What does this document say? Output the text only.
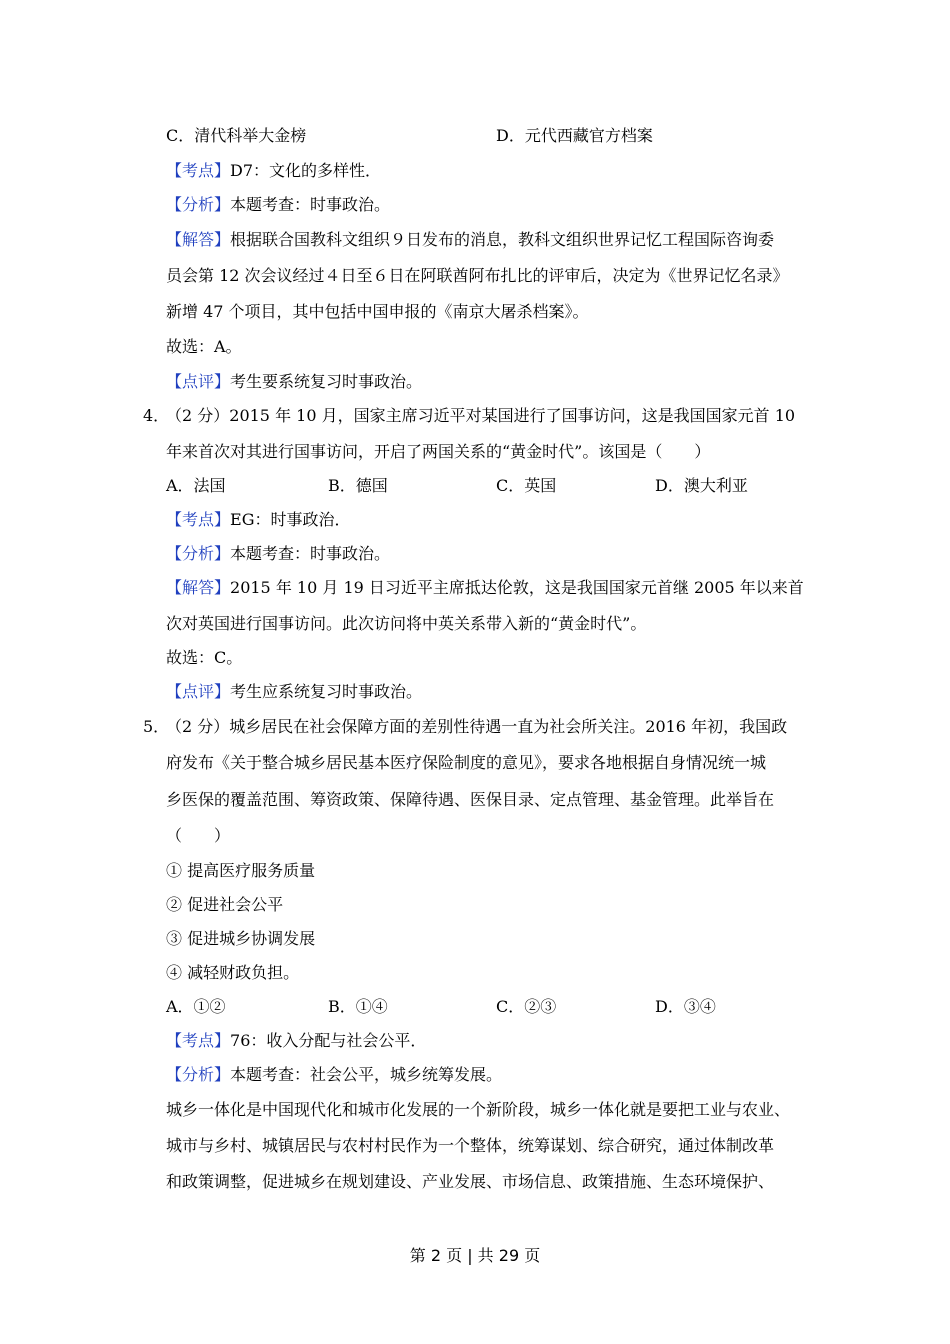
C．清代科举大金榜	D．元代西藏官方档案
【考点】D7：文化的多样性．
【分析】本题考查：时事政治。
【解答】根据联合国教科文组织９日发布的消息，教科文组织世界记忆工程国际咨询委
员会第 12 次会议经过４日至６日在阿联酋阿布扎比的评审后，决定为《世界记忆名录》
新增 47 个项目，其中包括中国申报的《南京大屠杀档案》。
故选：A。
【点评】考生要系统复习时事政治。
4．
（2 分）2015 年 10 月，国家主席习近平对某国进行了国事访问，这是我国国家元首 10
年来首次对其进行国事访问，开启了两国关系的“黄金时代”。该国是（　　）
A．法国	B．德国	C．英国	D．澳大利亚
【考点】EG：时事政治．
【分析】本题考查：时事政治。
【解答】2015 年 10 月 19 日习近平主席抵达伦敦，这是我国国家元首继 2005 年以来首
次对英国进行国事访问。此次访问将中英关系带入新的“黄金时代”。
故选：C。
【点评】考生应系统复习时事政治。
5．
（2 分）城乡居民在社会保障方面的差别性待遇一直为社会所关注。2016 年初，我国政
府发布《关于整合城乡居民基本医疗保险制度的意见》，要求各地根据自身情况统一城
乡医保的覆盖范围、筹资政策、保障待遇、医保目录、定点管理、基金管理。此举旨在
（　　）
① 提高医疗服务质量
② 促进社会公平
③ 促进城乡协调发展
④ 减轻财政负担。
A．①②	B．①④	C．②③	D．③④
【考点】76：收入分配与社会公平．
【分析】本题考查：社会公平，城乡统筹发展。
城乡一体化是中国现代化和城市化发展的一个新阶段，城乡一体化就是要把工业与农业、
城市与乡村、城镇居民与农村村民作为一个整体，统筹谋划、综合研究，通过体制改革
和政策调整，促进城乡在规划建设、产业发展、市场信息、政策措施、生态环境保护、
第 2 页 | 共 29 页
